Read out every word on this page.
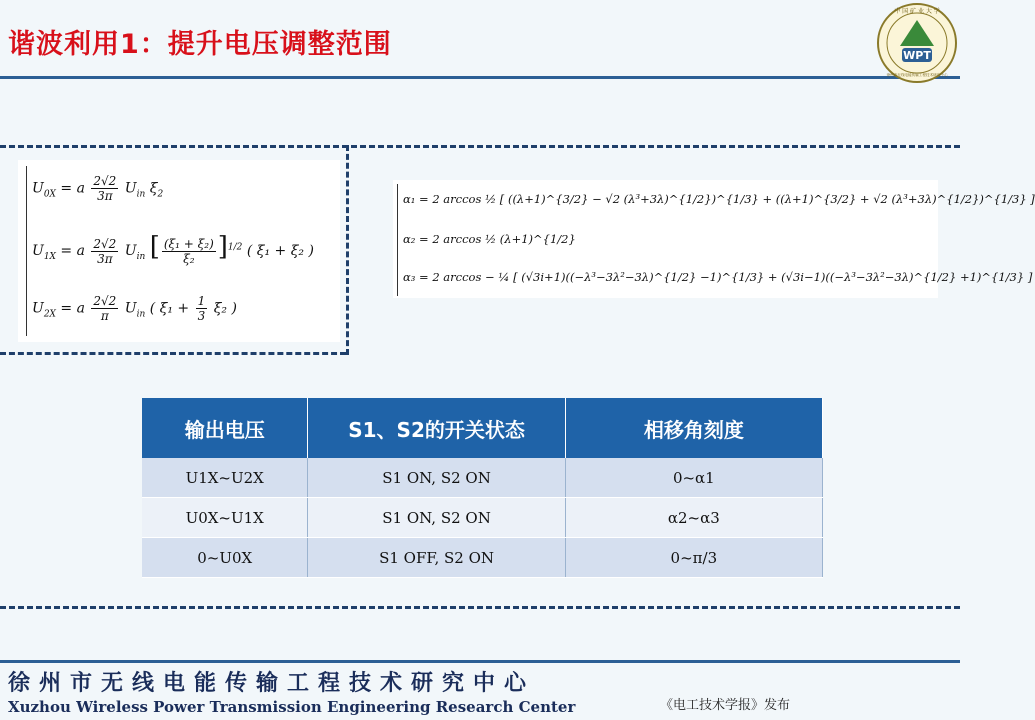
谐波利用1：提升电压调整范围	WPT
中 国 矿 业 大 学
徐州市无线电能传输工程技术研究中心
$U_{0X} = a \frac{2√2}{3\pi} U_{in}$ $\xi_2$
$U_{1X} = a \frac{2√2}{3\pi} U_{in}$ [ $\frac{\text{(ξ₁ + ξ₂)}}{\text{ξ₂}} ]^{1/2}$ ( ξ₁ + ξ₂ )
$U_{2X} = a \frac{2√2}{\pi} U_{in}$ ( $\xi_1 + \frac{1}{3} \xi_2$ )
α₁ = 2 arccos ½ [ ((λ+1)^{3/2} − √2 (λ³+3λ)^{1/2})^{1/3} + ((λ+1)^{3/2} + √2 (λ³+3λ)^{1/2})^{1/3} ]
α₂ = 2 arccos ½ (λ+1)^{1/2}
α₃ = 2 arccos − ¼ [ (√3i+1)((−λ³−3λ²−3λ)^{1/2} −1)^{1/3} + (√3i−1)((−λ³−3λ²−3λ)^{1/2} +1)^{1/3} ]
输出电压	S1、S2的开关状态	相移角刻度
U1X~U2X	S1 ON, S2 ON	0~α1
U0X~U1X	S1 ON, S2 ON	α2~α3
0~U0X	S1 OFF, S2 ON	0~π/3
徐州市无线电能传输工程技术研究中心
Xuzhou Wireless Power Transmission Engineering Research Center	《电工技术学报》发布
